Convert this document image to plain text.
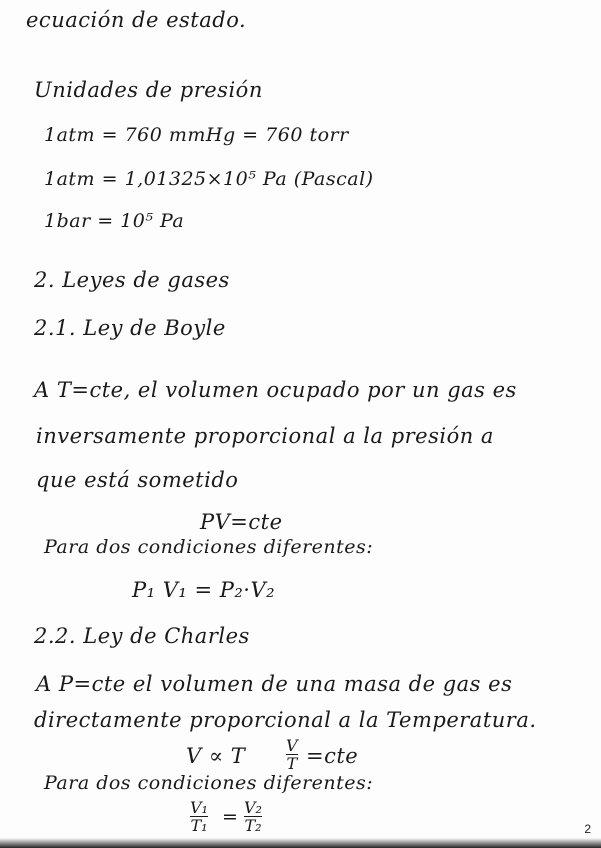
ecuación de estado.
Unidades de presión
1atm = 760 mmHg = 760 torr
1atm = 1,01325×10⁵ Pa (Pascal)
1bar = 10⁵ Pa
2. Leyes de gases
2.1. Ley de Boyle
A T=cte, el volumen ocupado por un gas es
inversamente proporcional a la presión a
que está sometido
PV=cte
Para dos condiciones diferentes:
P₁ V₁ = P₂·V₂
2.2. Ley de Charles
A P=cte el volumen de una masa de gas es
directamente proporcional a la Temperatura.
V ∝ T	V
T =cte
Para dos condiciones diferentes:
V₁
T₁ = V₂
T₂	2
